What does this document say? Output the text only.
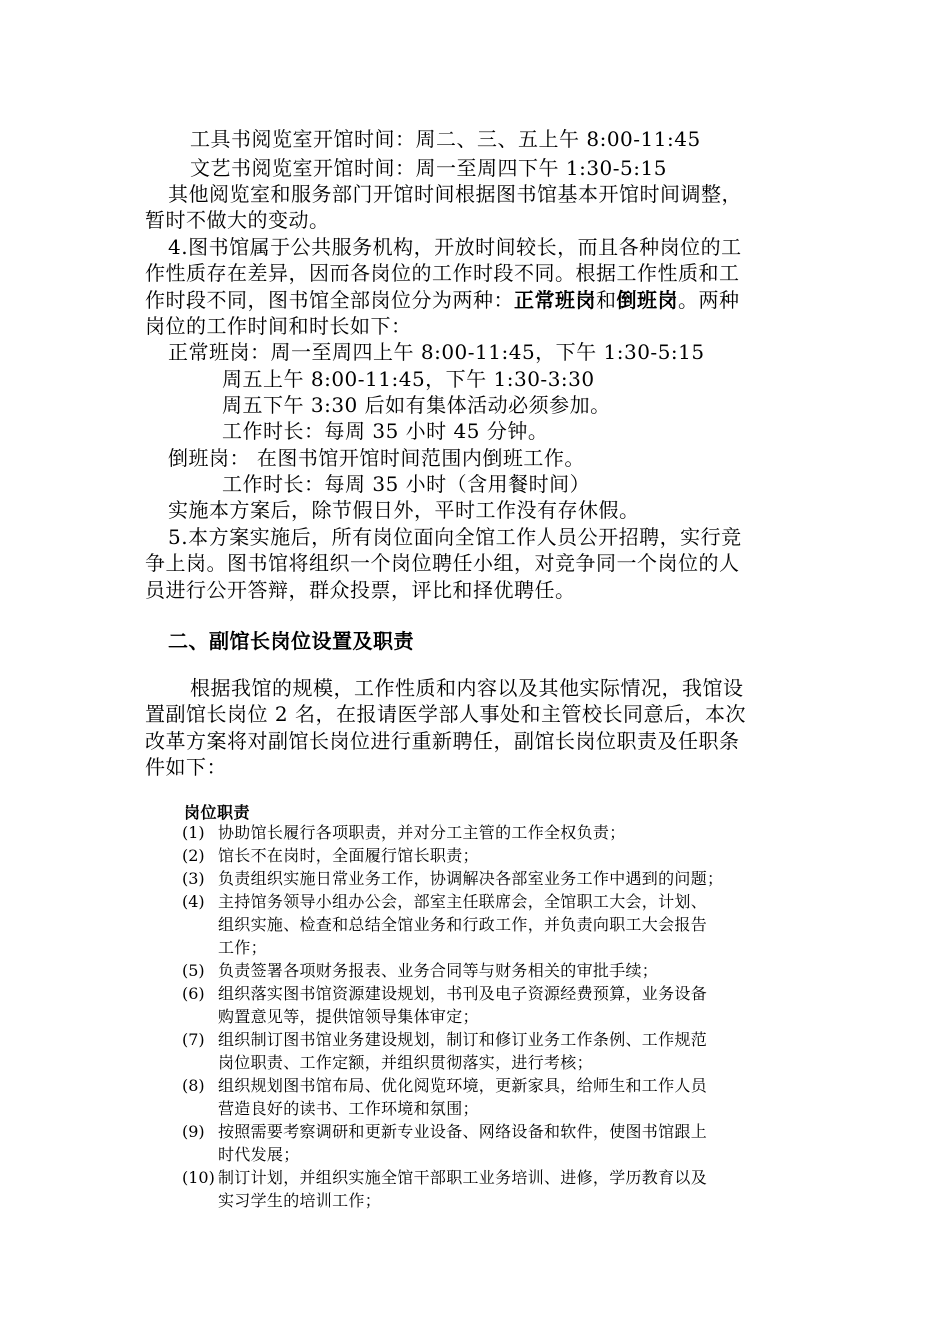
工具书阅览室开馆时间：周二、三、五上午 8:00-11:45
文艺书阅览室开馆时间：周一至周四下午 1:30-5:15
其他阅览室和服务部门开馆时间根据图书馆基本开馆时间调整，
暂时不做大的变动。
4.图书馆属于公共服务机构，开放时间较长，而且各种岗位的工
作性质存在差异，因而各岗位的工作时段不同。根据工作性质和工
作时段不同，图书馆全部岗位分为两种：正常班岗和倒班岗。两种
岗位的工作时间和时长如下：
正常班岗：周一至周四上午 8:00-11:45，下午 1:30-5:15
周五上午 8:00-11:45，下午 1:30-3:30
周五下午 3:30 后如有集体活动必须参加。
工作时长：每周 35 小时 45 分钟。
倒班岗： 在图书馆开馆时间范围内倒班工作。
工作时长：每周 35 小时（含用餐时间）
实施本方案后，除节假日外，平时工作没有存休假。
5.本方案实施后，所有岗位面向全馆工作人员公开招聘，实行竞
争上岗。图书馆将组织一个岗位聘任小组，对竞争同一个岗位的人
员进行公开答辩，群众投票，评比和择优聘任。
二、副馆长岗位设置及职责
根据我馆的规模，工作性质和内容以及其他实际情况，我馆设
置副馆长岗位 2 名，在报请医学部人事处和主管校长同意后，本次
改革方案将对副馆长岗位进行重新聘任，副馆长岗位职责及任职条
件如下：
岗位职责
(1) 协助馆长履行各项职责，并对分工主管的工作全权负责；
(2) 馆长不在岗时，全面履行馆长职责；
(3) 负责组织实施日常业务工作，协调解决各部室业务工作中遇到的问题；
(4) 主持馆务领导小组办公会，部室主任联席会，全馆职工大会，计划、
组织实施、检查和总结全馆业务和行政工作，并负责向职工大会报告
工作；
(5) 负责签署各项财务报表、业务合同等与财务相关的审批手续；
(6) 组织落实图书馆资源建设规划，书刊及电子资源经费预算，业务设备
购置意见等，提供馆领导集体审定；
(7) 组织制订图书馆业务建设规划，制订和修订业务工作条例、工作规范
岗位职责、工作定额，并组织贯彻落实，进行考核；
(8) 组织规划图书馆布局、优化阅览环境，更新家具，给师生和工作人员
营造良好的读书、工作环境和氛围；
(9) 按照需要考察调研和更新专业设备、网络设备和软件，使图书馆跟上
时代发展；
(10) 制订计划，并组织实施全馆干部职工业务培训、进修，学历教育以及
实习学生的培训工作；
